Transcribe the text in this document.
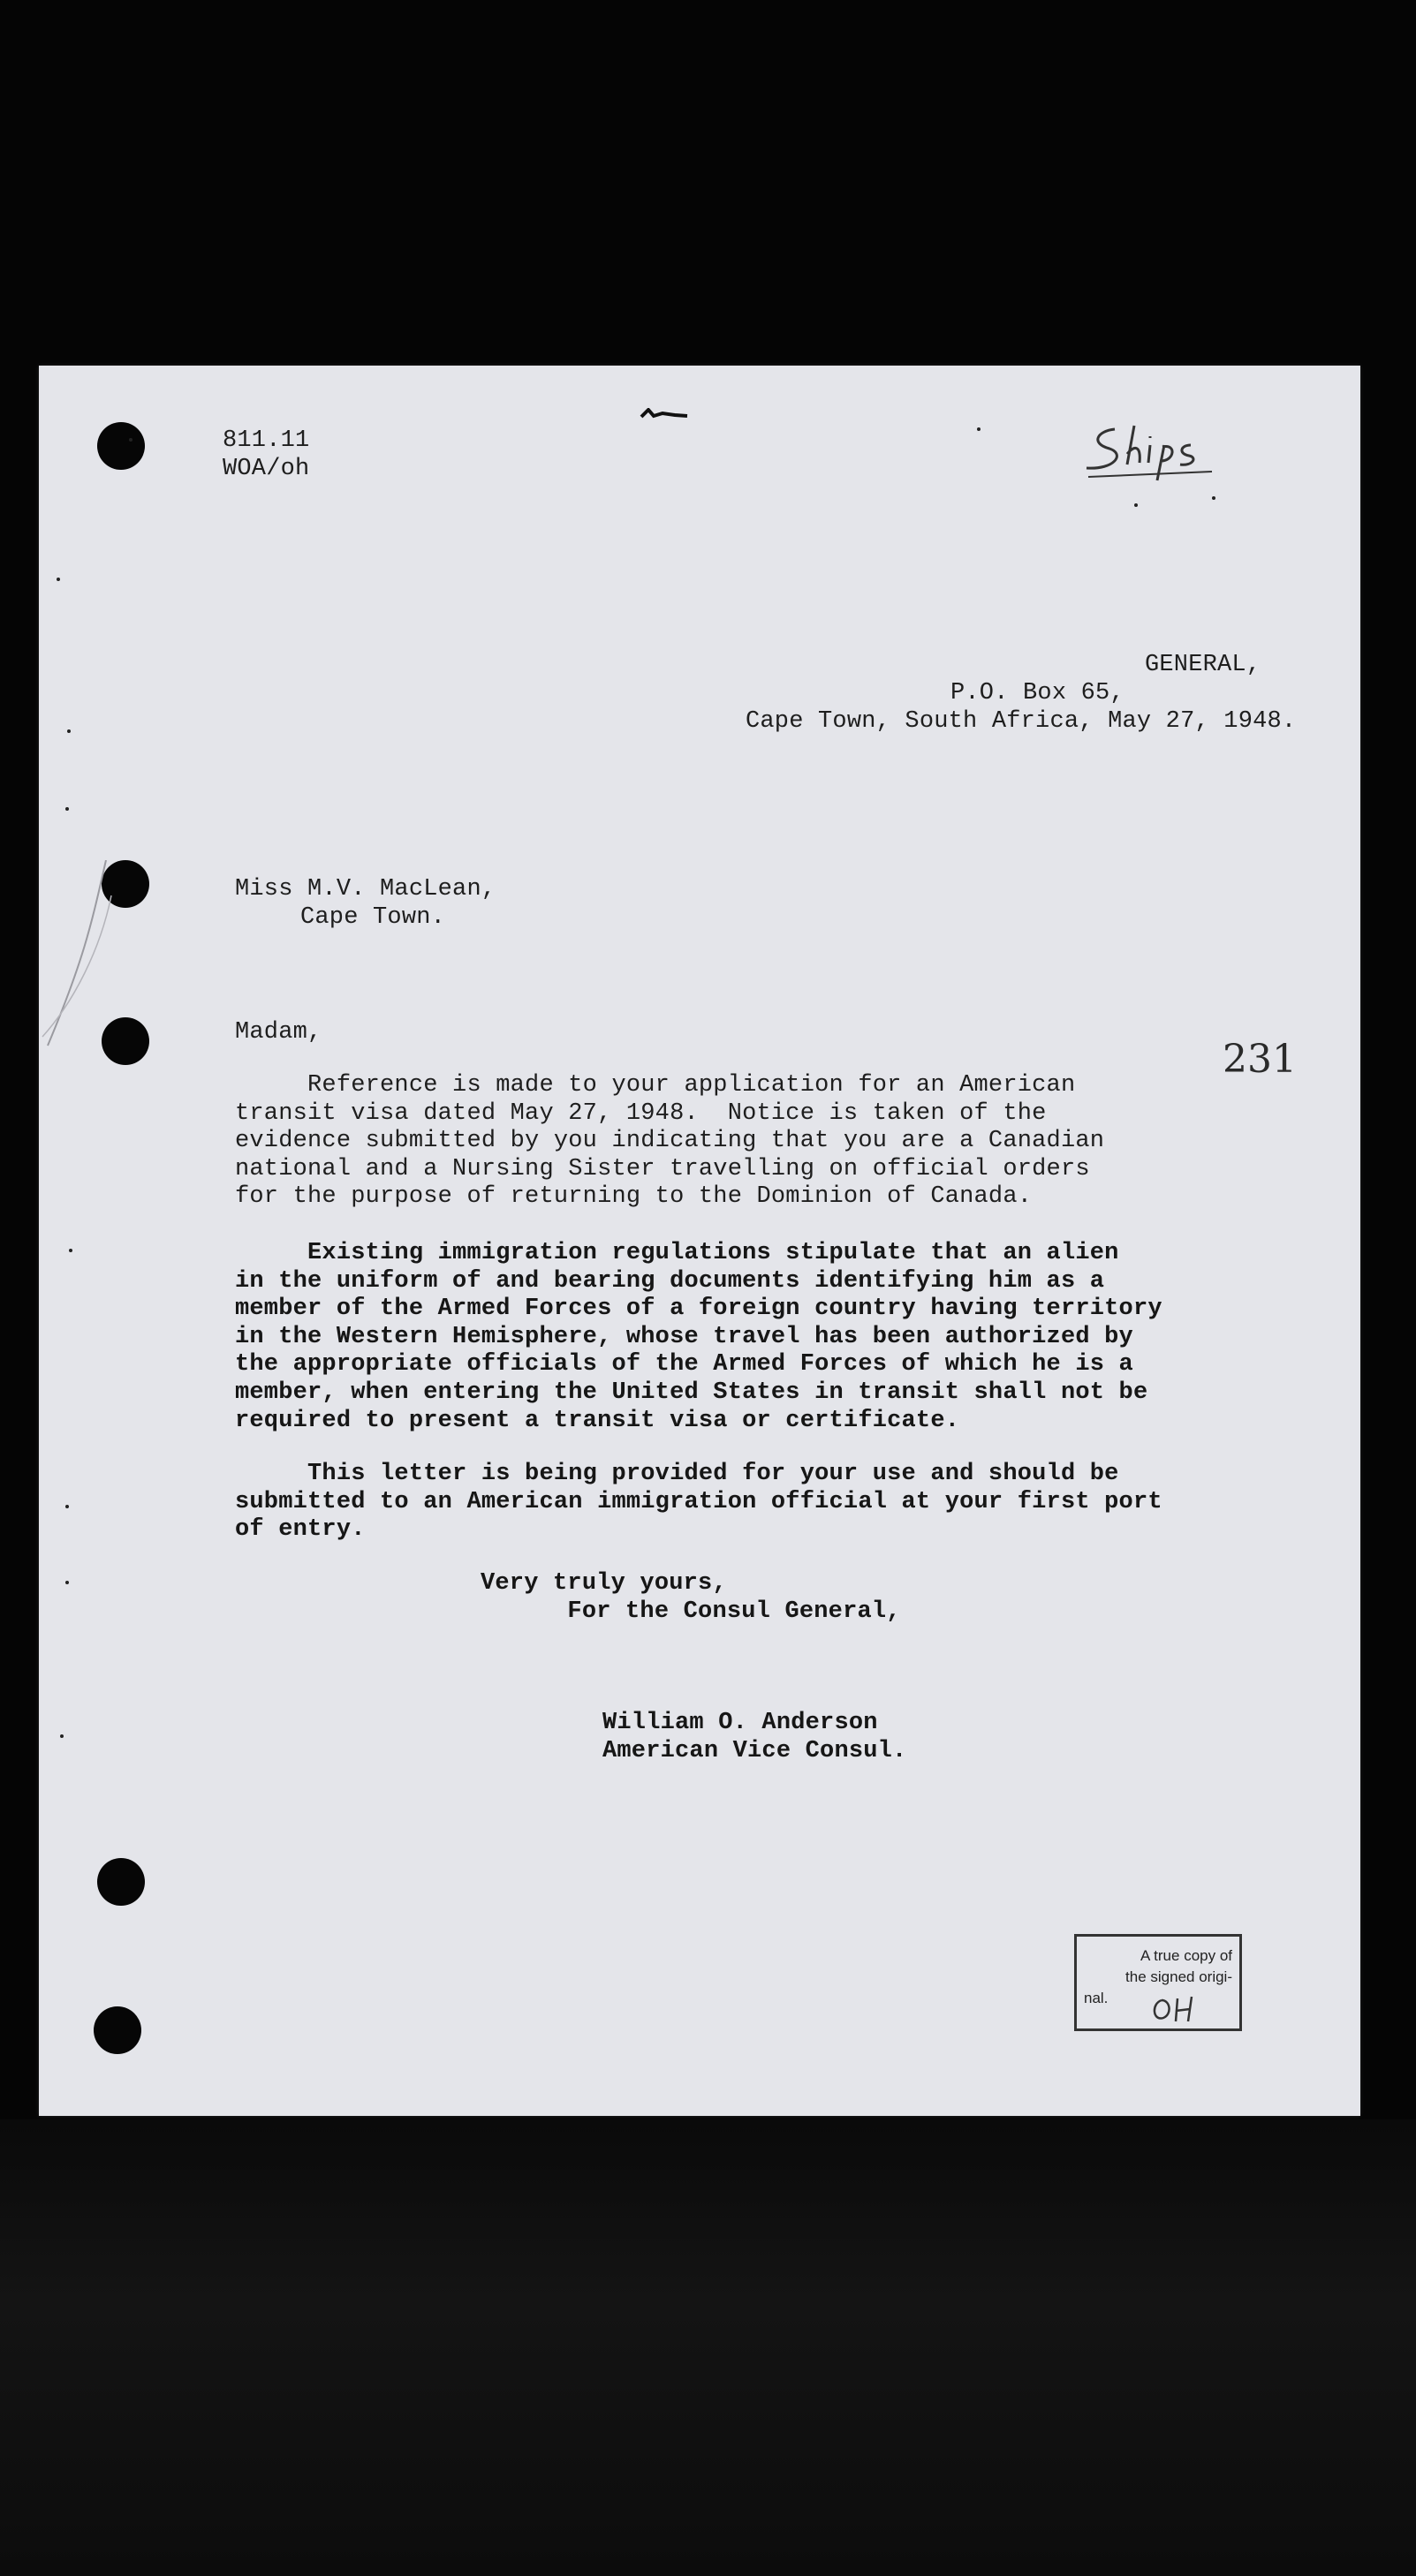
811.11
WOA/oh
GENERAL,
P.O. Box 65,
Cape Town, South Africa, May 27, 1948.
Miss M.V. MacLean,
Cape Town.
Madam,
231
Reference is made to your application for an American
transit visa dated May 27, 1948.  Notice is taken of the
evidence submitted by you indicating that you are a Canadian
national and a Nursing Sister travelling on official orders
for the purpose of returning to the Dominion of Canada.
Existing immigration regulations stipulate that an alien
in the uniform of and bearing documents identifying him as a
member of the Armed Forces of a foreign country having territory
in the Western Hemisphere, whose travel has been authorized by
the appropriate officials of the Armed Forces of which he is a
member, when entering the United States in transit shall not be
required to present a transit visa or certificate.
This letter is being provided for your use and should be
submitted to an American immigration official at your first port
of entry.
Very truly yours,
For the Consul General,
William O. Anderson
American Vice Consul.
A true copy of
the signed origi-
nal.
